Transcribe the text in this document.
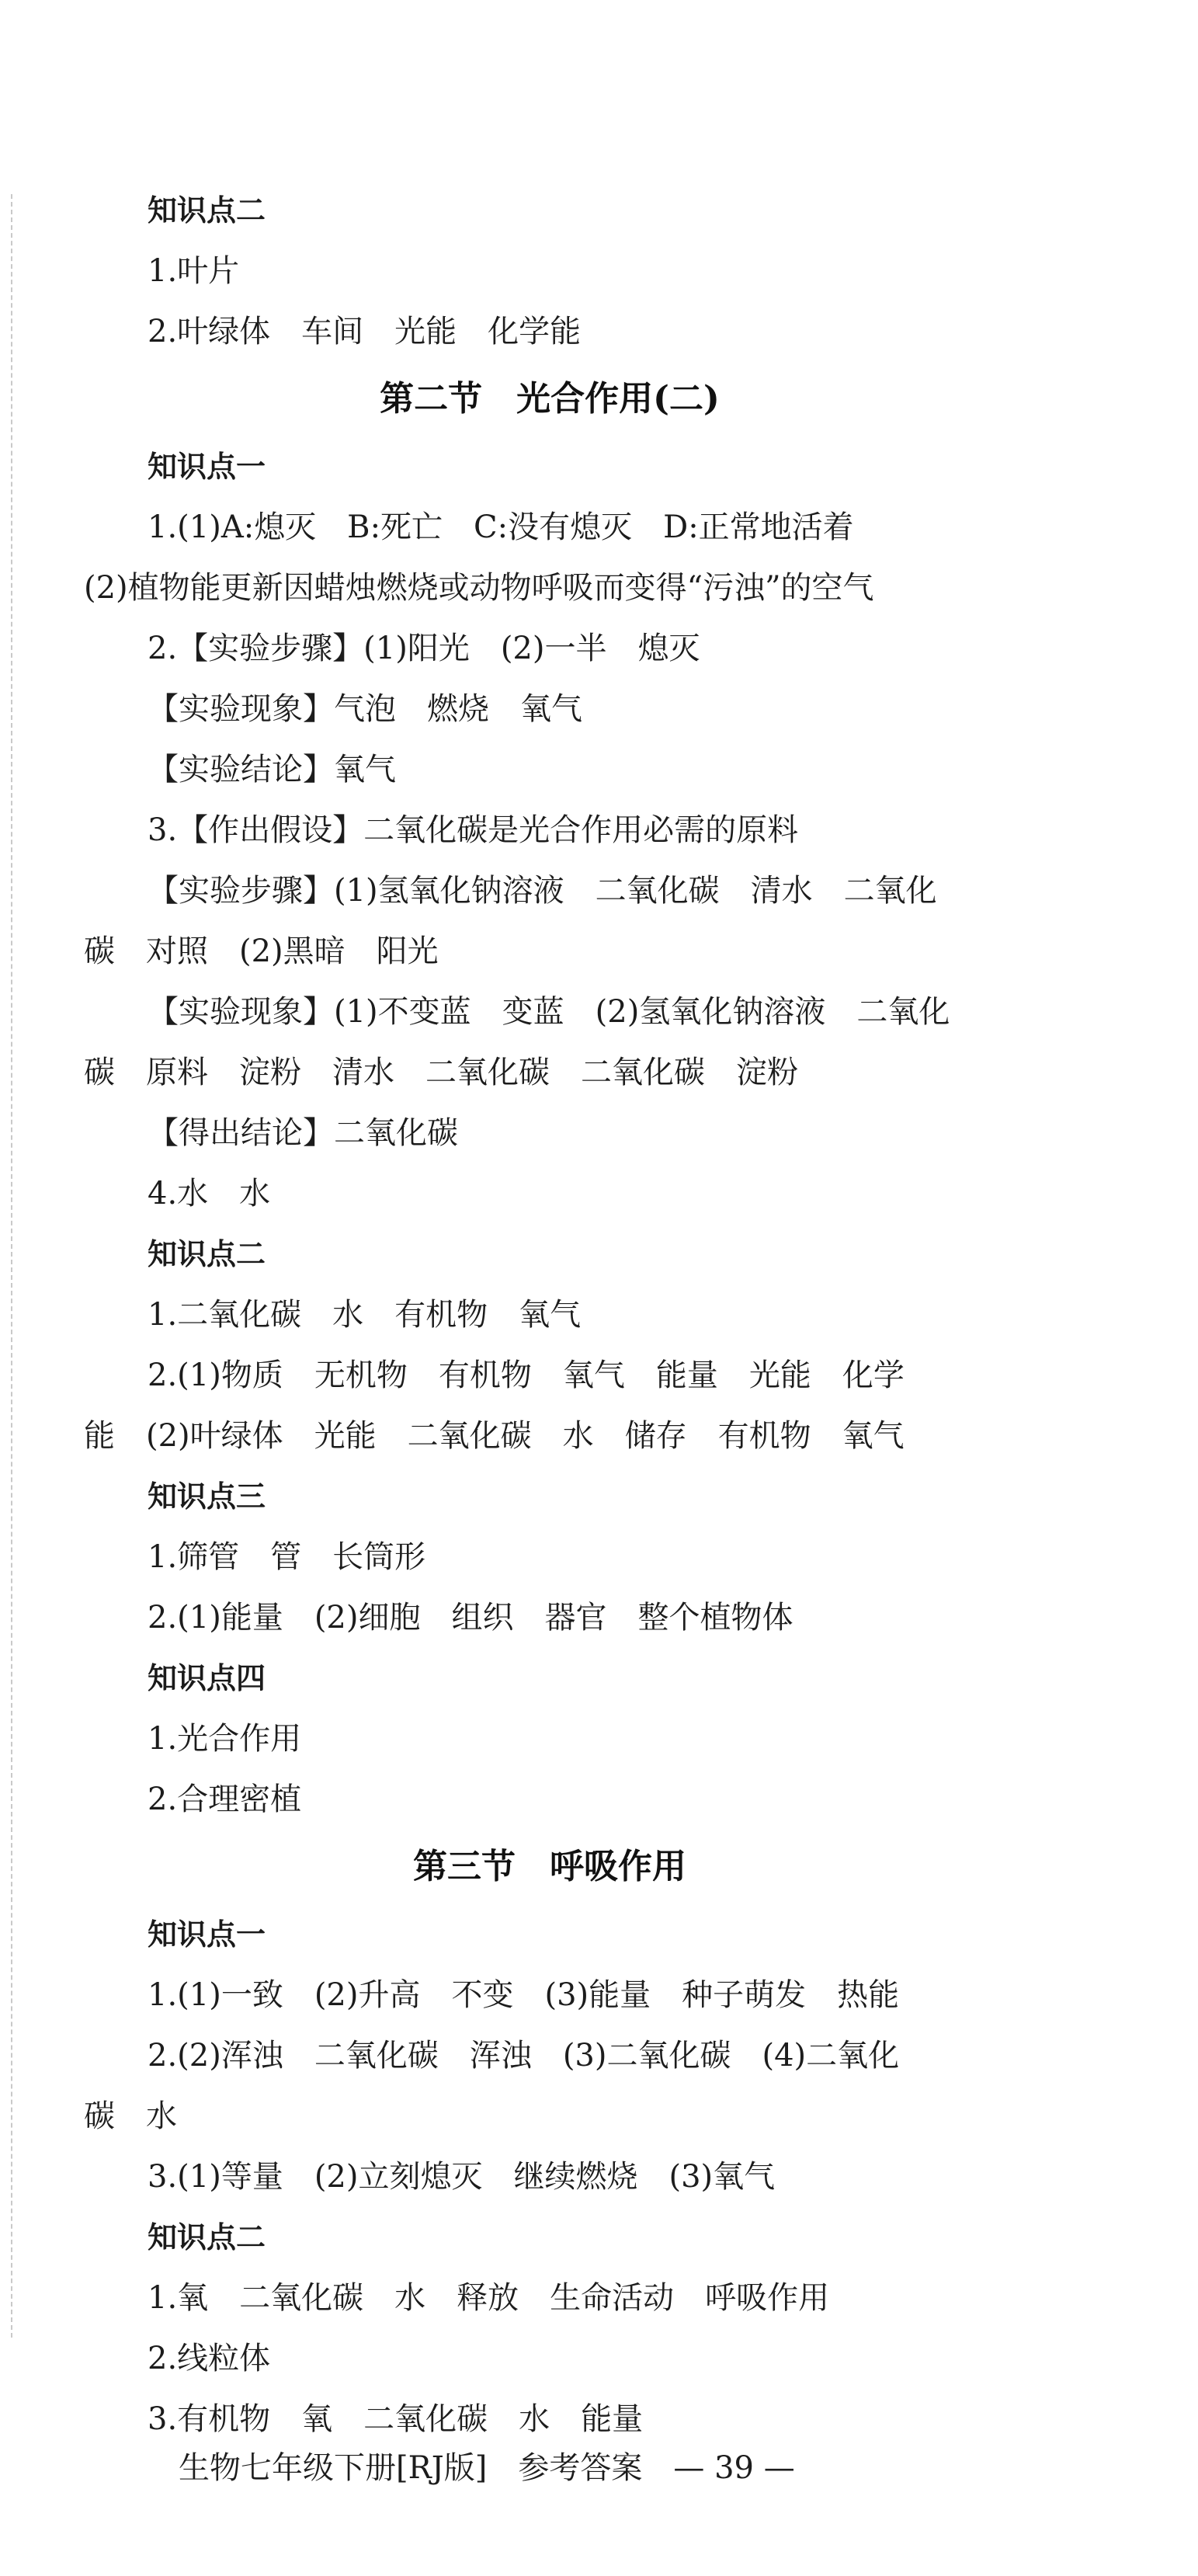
知识点二
1.叶片
2.叶绿体　车间　光能　化学能
第二节　光合作用(二)
知识点一
1.(1)A:熄灭　B:死亡　C:没有熄灭　D:正常地活着
(2)植物能更新因蜡烛燃烧或动物呼吸而变得“污浊”的空气
2.【实验步骤】(1)阳光　(2)一半　熄灭
【实验现象】气泡　燃烧　氧气
【实验结论】氧气
3.【作出假设】二氧化碳是光合作用必需的原料
【实验步骤】(1)氢氧化钠溶液　二氧化碳　清水　二氧化
碳　对照　(2)黑暗　阳光
【实验现象】(1)不变蓝　变蓝　(2)氢氧化钠溶液　二氧化
碳　原料　淀粉　清水　二氧化碳　二氧化碳　淀粉
【得出结论】二氧化碳
4.水　水
知识点二
1.二氧化碳　水　有机物　氧气
2.(1)物质　无机物　有机物　氧气　能量　光能　化学
能　(2)叶绿体　光能　二氧化碳　水　储存　有机物　氧气
知识点三
1.筛管　管　长筒形
2.(1)能量　(2)细胞　组织　器官　整个植物体
知识点四
1.光合作用
2.合理密植
第三节　呼吸作用
知识点一
1.(1)一致　(2)升高　不变　(3)能量　种子萌发　热能
2.(2)浑浊　二氧化碳　浑浊　(3)二氧化碳　(4)二氧化
碳　水
3.(1)等量　(2)立刻熄灭　继续燃烧　(3)氧气
知识点二
1.氧　二氧化碳　水　释放　生命活动　呼吸作用
2.线粒体
3.有机物　氧　二氧化碳　水　能量
生物七年级下册[RJ版]　参考答案　— 39 —
